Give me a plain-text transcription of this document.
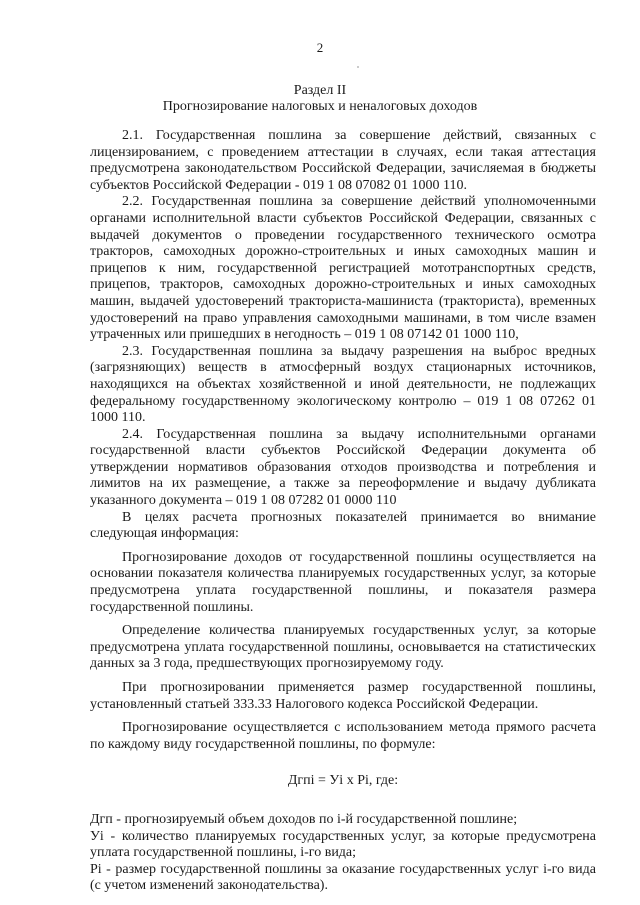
2
Раздел II
Прогнозирование налоговых и неналоговых доходов

2.1. Государственная пошлина за совершение действий, связанных с лицензированием, с проведением аттестации в случаях, если такая аттестация предусмотрена законодательством Российской Федерации, зачисляемая в бюджеты субъектов Российской Федерации - 019 1 08 07082 01 1000 110.

2.2. Государственная пошлина за совершение действий уполномоченными органами исполнительной власти субъектов Российской Федерации, связанных с выдачей документов о проведении государственного технического осмотра тракторов, самоходных дорожно-строительных и иных самоходных машин и прицепов к ним, государственной регистрацией мототранспортных средств, прицепов, тракторов, самоходных дорожно-строительных и иных самоходных машин, выдачей удостоверений тракториста-машиниста (тракториста), временных удостоверений на право управления самоходными машинами, в том числе взамен утраченных или пришедших в негодность – 019 1 08 07142 01 1000 110,

2.3. Государственная пошлина за выдачу разрешения на выброс вредных (загрязняющих) веществ в атмосферный воздух стационарных источников, находящихся на объектах хозяйственной и иной деятельности, не подлежащих федеральному государственному экологическому контролю – 019 1 08 07262 01 1000 110.

2.4. Государственная пошлина за выдачу исполнительными органами государственной власти субъектов Российской Федерации документа об утверждении нормативов образования отходов производства и потребления и лимитов на их размещение, а также за переоформление и выдачу дубликата указанного документа – 019 1 08 07282 01 0000 110

В целях расчета прогнозных показателей принимается во внимание следующая информация:

Прогнозирование доходов от государственной пошлины осуществляется на основании показателя количества планируемых государственных услуг, за которые предусмотрена уплата государственной пошлины, и показателя размера государственной пошлины.

Определение количества планируемых государственных услуг, за которые предусмотрена уплата государственной пошлины, основывается на статистических данных за 3 года, предшествующих прогнозируемому году.

При прогнозировании применяется размер государственной пошлины, установленный статьей 333.33 Налогового кодекса Российской Федерации.

Прогнозирование осуществляется с использованием метода прямого расчета по каждому виду государственной пошлины, по формуле:

Дгпi = Уi х Рi, где:

Дгп - прогнозируемый объем доходов по i-й государственной пошлине;

Уi - количество планируемых государственных услуг, за которые предусмотрена уплата государственной пошлины, i-го вида;

Рi - размер государственной пошлины за оказание государственных услуг i-го вида (с учетом изменений законодательства).
